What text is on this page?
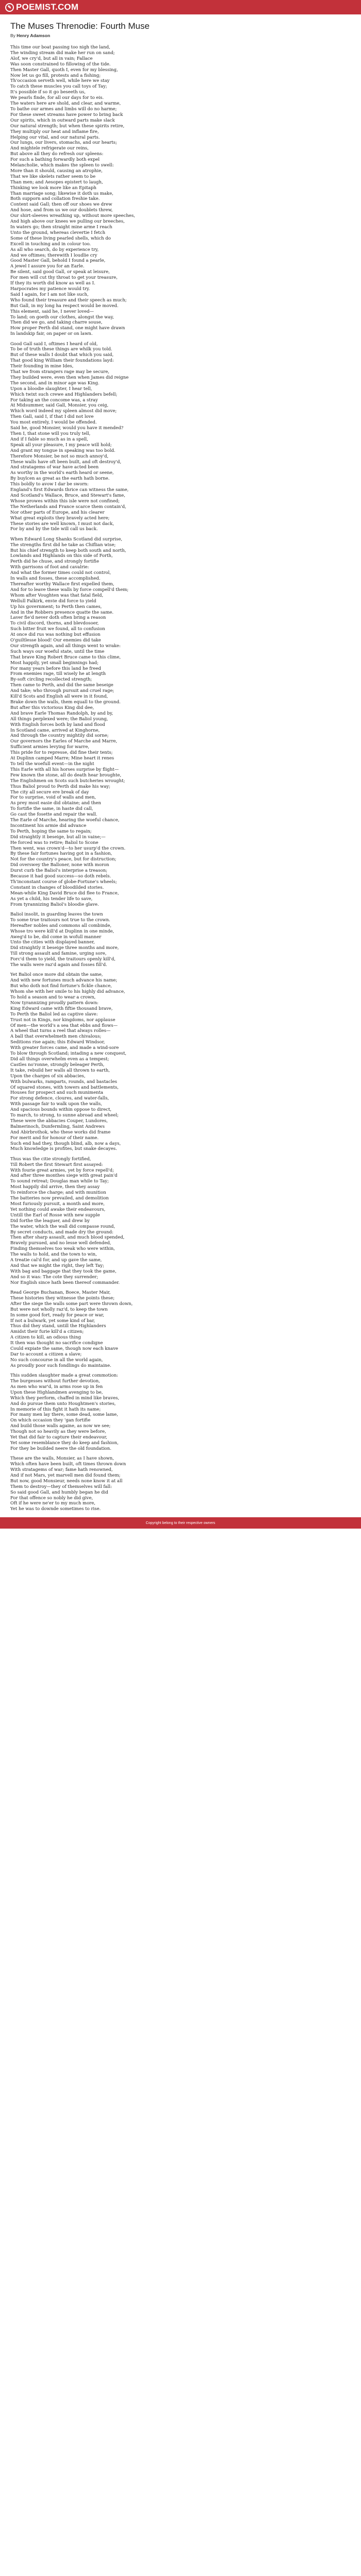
✎ POEMIST.COM
The Muses Threnodie: Fourth Muse
By Henry Adamson
This time our boat passing too nigh the land,
The winding stream did make her run on sand;
Alof, we cry'd, but all in vain; Fallace
Was soon constrained to fillowing of the tide.
Then Master Gall, quoth I, even for my blessing,
Now let us go fill, protests and a fishing;
Th'occasion serveth well, while here we stay
To catch these muscles you call toys of Tay;
It's possible if so it go beseeth us,
We pearls finde, for all our days for to eis.
The waters here are shold, and clear, and warme,
To bathe our armes and limbs will do no harme;
For these sweet streams have power to bring back
Our spirits, which in outward parts make slack
Our natural strength; but when these spirits retire,
They multiply our heat and inflame fire,
Helping our vital, and our natural parts.
Our lungs, our livers, stomachs, and our hearts;
And mightele refrigerate our reins,
But above all they do refresh our spleens:
For such a bathing forwardly both expel
Melancholie, which makes the spleen to swell:
More than it should, causing an atrophie,
That we like skelets rather seem to be
Than men; and Aesopes epistert to laugh,
Thinking we look more like an Epitaph
Than marriage song; likewise it doth us make,
Both supporn and collation freshie take.
Content said Gall; then off our shoes we drew
And hose, and from us we our doublets threw,
Our shirt-sleeves wreathing up, without more speeches,
And high above our knees we pulling our breeches,
In waters go; then straight mine arme I reach
Unto the ground, whereas clevertie I fetch
Some of these living pearled shells, which do
Excell in touching and in colour too.
As all who search, do by experience try,
And we oftimes; therewith I loudlie cry
Good Master Gall, behold I found a pearle,
A jewel I assure you for an Earle.
Be silent, said good Gall, or speak at leisure,
For men will cut thy throat to get your treasure,
If they its worth did know as well as I.
Harpocrates my patience would try.
Said I again, for I am not like such,
Who found their treasure and their speech as much;
But Gall, in my long ha respect would be moved.
This element, said he, I never loved—
To land; on goeth our clothes, alongst the way,
Then did we go, and taking charre souse,
How proper Perth did stand, one might have drawn
In landskip fair, on paper or on lawn.
Good Gall said I, oftimes I heard of old,
To be of truth these things are whilk you told.
But of these walls I doubt that which you said,
That good king William their foundations layd:
Their founding in mine Ides,
That we from strangers rage may be secure,
They builded were, even then when James did reigne
The second, and in minor age was King.
Upon a bloodie slaughter, I hear tell,
Which twixt such crewe and Highlanders befell;
For taking an the concome was, a stray
At Midsummer, said Gall, Monsier, you ceig,
Which word indeed my spleen almost did move;
Then Gall, said I, if that I did not love
You most entirely, I would be offended.
Said he, good Monsier, would you have it mended?
Then I, that stone will you truly tell,
And if I fable so much as in a spell,
Speak all your pleasure, I my peace will hold;
And grant my tongue in speaking was too bold.
Therefore Monsier, be not so much annoy'd,
These walls have oft been built, and oft destroy'd,
And stratagems of war have acted been
As worthy in the world's earth heard or seene,
By buylcen as great as the earth hath borne.
This boldly to avow I dar be sworn:
England's first Edwards thrice can witness the same,
And Scotland's Wallace, Bruce, and Stewart's fame,
Whose prowes within this isle were not confined;
The Netherlands and France scarce them contain'd,
Nor other parts of Europe, and his clearer
What great exploits they bravely acted here;
These stories are well known, I must not dack,
For by and by the tide will call us back.
When Edward Long Shanks Scotland did surprise,
The strengths first did he take as Chiflian wise;
But his chief strength to keep both south and north,
Lowlands and Highlands on this side of Forth,
Perth did he chuse, and strongly fortifie
With garrisons of foot and cavalrie:
And what the former times could not control,
In walls and fosses, these accomplished.
Thereafter worthy Wallace first expelled them,
And for to leave these walls by force compell'd them;
Whom after Voughten was that fatal field,
Wellull Falkirk, envie did force to yield
Up his government; to Perth then cames,
And in the Robbers presence quatte the same.
Laver fie'd never doth often bring a reason
To civil discord, thorns, and blevdosoer,
Such bitter fruit we found, all to confusion
At once did rus was nothing but effusion
O'guiltlesse blood! Our enemies did take
Our strength again, and all things went to wrake:
Such ways our woeful state, until the time
That brave King Robert Bruce came to this clime,
Most happily, yet small beginnings had;
For many years before this land he freed
From enemies rage, till wisely he at length
By-soft circling recollected strength;
Then came to Perth, and did the same beseige
And take; who through pursuit and cruel rage;
Kill'd Scots and English all were in it found,
Brake down the walls, them equall to the ground.
But after this victorious King did dee,
And brave Earle Thomas Randolph, by and by,
All things perplexed were; the Baliol young,
With English forces both by land and flood
In Scotland came, arrived at Kinghorne,
And through the country mightily did sorne;
Our governors the Earles of Marche and Marre,
Sufficient armies levying for warre,
This pride for to represse, did fine their tents;
At Duplinn camped Marre; Mine heart it renes
To tell the woefull event—in the night
This Earle with all his horses surprise by flight—
Few known the stone, all do death hear broughte,
The Englishmen on Scots such butcheries wrought;
Thus Baliol proud to Perth did make his way;
The city all secure ere break of day
For to surprise, void of walls and men,
As prey most easie did obtaine; and then
To fortifie the same, in haste did call,
Go cast the fosette and repair the wall.
The Earle of Marche, hearing the woeful chance,
Incontinent his armie did advance
To Perth, hoping the same to regain;
Did straightly it beseige, but all in vaine;—
He forced was to retire; Baliol to Scone
Then went, was crown'd—to her usurp'd the crown.
By these fair fortunes having got in a fashion,
Not for the country's peace, but for distruction;
Did overswey the Balloner, none with moron
Durst curb the Baliol's interprise a treason;
Because it had good success—so doth rebels.
Th'inconstant course of globe-Fortune's wheels;
Constant in changes of bloodilded stories.
Mean-while King David Bruce did flee to France,
As yet a child, his tender life to save,
From tyrannizing Baliol's bloodie glave.
Baliol insolit, in guarding leaves the town
To some true traitours not true to the crown.
Hereafter nobles and commons all combinde,
Whose tro were kill'd at Duplinn in one minde,
Aweg'd to be, did come in wofull manner
Unto the cities with displayed banner,
Did straightly it beseige three months and more,
Till strong assault and famine, urging sore,
Forc'd them to yield, the traitours openly kill'd,
The walls were raz'd again and fosses fill'd.
Yet Baliol once more did obtain the same,
And with new fortunes much advance his name;
But who doth not find fortune's fickle chance,
Whom she with her smile to his highly did advance,
To hold a season and to wear a crown,
Now tyrannizing proudly pattern down:
King Edward came with fiftie thousand brave,
To Perth the Baliol led as captive slave:
Trust not in Kings, nor kingdoms, nor applause
Of men—the world's a sea that ebbs and flows—
A wheel that turns a reel that always rolles—
A ball that overwhelmeth men chivalous;
Seditions rise again; this Edward Windsor,
With greater forces came, and made a wind-sore
To blow through Scotland; intading a new conquest,
Did all things overwhelm even as a tempest;
Castles no'ronne, strongly beleager Perth,
It take, rebuild her walls all thrown to earth,
Upon the charges of six abbacies,
With bulwarks, ramparts, rounds, and bastacles
Of squared stones, with towers and battlements,
Houses for prospect and such munimenta
For strong defence, cloures, and water-falls,
With passage fair to walk upon the walls,
And spacious bounds within oppose to direct,
To march, to strong, to sunne abroad and wheel;
These were the abbacies Couper, Lundores,
Balmerinoch, Dunfermling, Saint Andrews
And Abirbrothok, who these works did frame
For merit and for honour of their name.
Such end had they, though blind, alb, now a days,
Much knowledge is profites, but snake decayes.
Thus was the citie strongly fortified,
Till Robert the first Stewart first assayed:
With fourie great armies, yet by force repell'd;
And after three monthes siege with great pain'd
To sound retreat; Douglas man while to Tay;
Most happily did arrive, then they assay
To reinforce the charge; and with munition
The batteries now prevailed, and demolition
Most furiously pursuit, a month and more,
Yet nothing could awake their endeavours,
Untill the Earl of Rosse with new supple
Did forthe the leaguer, and drew by
The water, which the wall did compasse round,
By secret conducts, and made dry the ground:
Then after sharp assault, and much blood spended,
Bravely pursued, and no lesse well defended,
Finding themselves too weak who were within,
The walls to hold, and the town to win,
A treatie cal'd for, and up gave the same,
And that we might the right, they left Tay;
With bag and baggage that they took the game,
And so it was: The cote they surrender;
Nor English since hath been thereof commander.
Read George Buchanan, Boece, Master Mair,
These histories they witnesse the points these;
After the siege the walls some part were thrown down,
But were not wholly raz'd, to keep the town
In some good fort, ready for peace or war,
If not a bulwark, yet some kind of bar,
Thus did they stand, untill the Highlanders
Amidst their furie kill'd a citizen;
A citizen to kill, an odious thing
It then was thought no sacrifice condigne
Could expiate the same, though now each knave
Dar to account a citizen a slave;
No such concourse in all the world again,
As proudly poor such fondlings do maintaine.
This sudden slaughter made a great commotion:
The burgesses without further devotion,
As men who war'd, in arms rose up in fen
Upon these Highlandmen avenging to be,
Which they perform, chaffed in mind like braves,
And do pursue them unto Houghtmen's stories,
In memorie of this fight it hath its name;
For many men lay there, some dead, some lame,
On which occasion they 'gan fortifie
And build those walls againe, as now we see;
Though not so heavily as they were before,
Yet that did fair to capture their endeavour,
Yet some resemblance they do keep and fashion,
For they be builded neere the old foundation.
These are the walls, Monsier, as I have shown,
Which often have been built, oft times thrown down
With stratagems of war; fame hath renowned,
And if not Mars, yet marvell men did found them;
But now, good Monsieur, needs none know it at all
Them to destroy—they of themselves will fall:
So said good Gall, and humbly began he did
For that offence so nobly he did give,
Oft if he were ne'er to my much more,
Yet he was to downde sometimes to rise.
Copyright belong to their respective owners
